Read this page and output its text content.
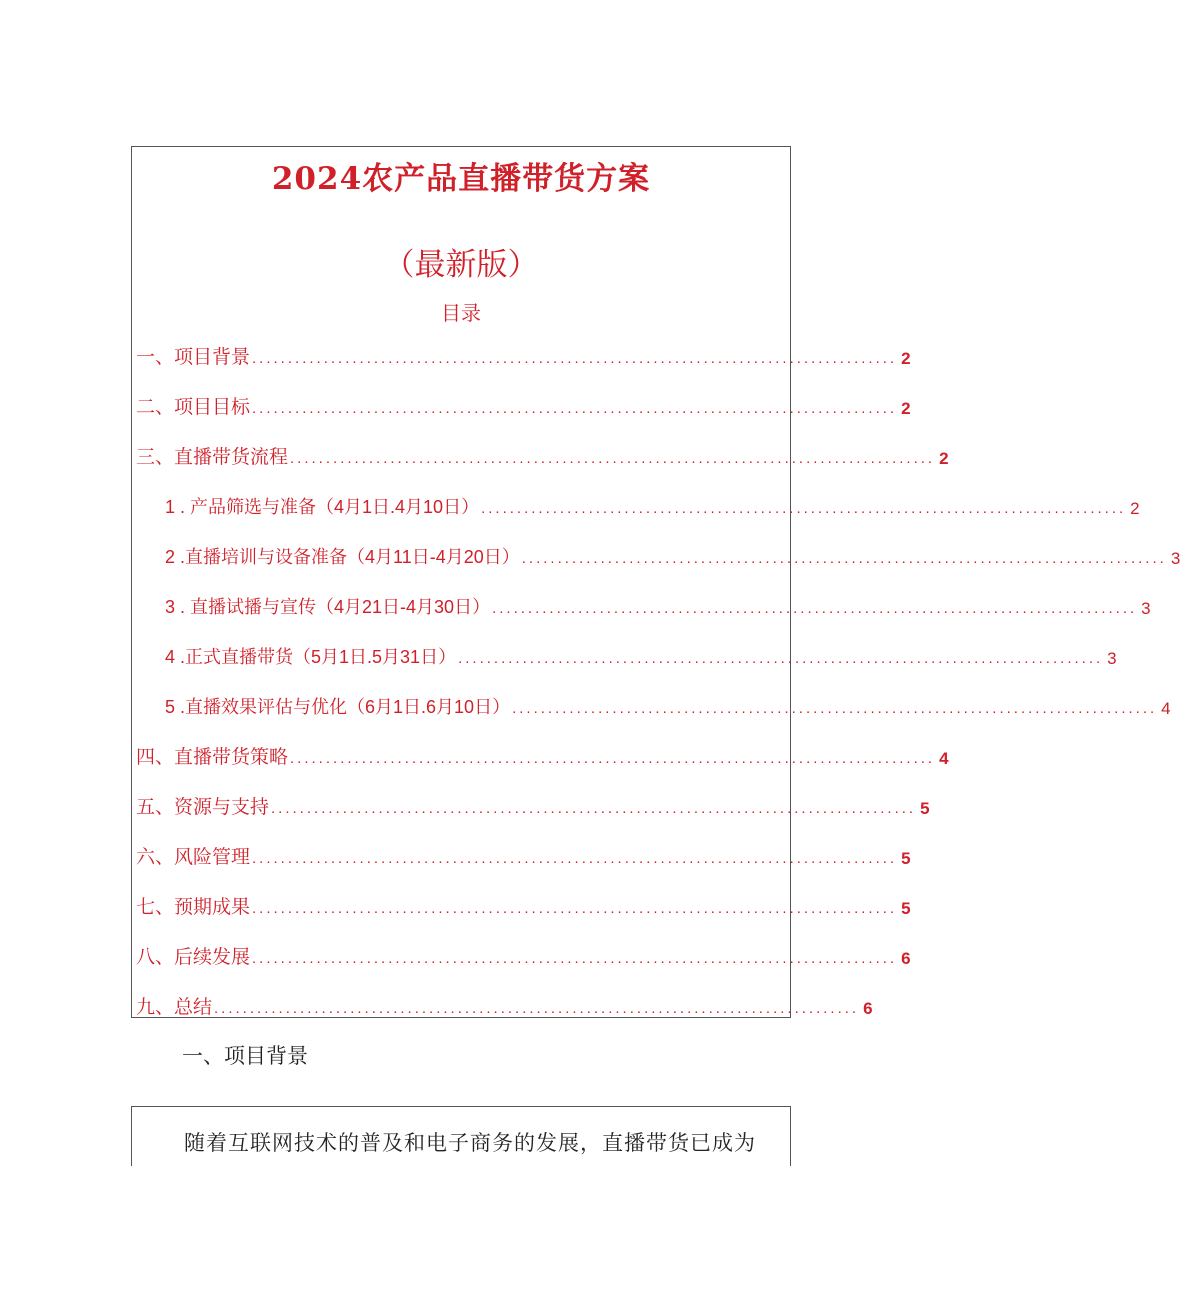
2024农产品直播带货方案
（最新版）
目录
一、项目背景 .......................................................................................... 2
二、项目目标 .......................................................................................... 2
三、直播带货流程 .......................................................................................... 2
1 . 产品筛选与准备（4月1日.4月10日） .......................................................................................... 2
2 .直播培训与设备准备（4月11日-4月20日） .......................................................................................... 3
3 . 直播试播与宣传（4月21日-4月30日） .......................................................................................... 3
4 .正式直播带货（5月1日.5月31日） .......................................................................................... 3
5 .直播效果评估与优化（6月1日.6月10日） .......................................................................................... 4
四、直播带货策略 .......................................................................................... 4
五、资源与支持 .......................................................................................... 5
六、风险管理 .......................................................................................... 5
七、预期成果 .......................................................................................... 5
八、后续发展 .......................................................................................... 6
九、总结 .......................................................................................... 6
一、项目背景
随着互联网技术的普及和电子商务的发展，直播带货已成为
